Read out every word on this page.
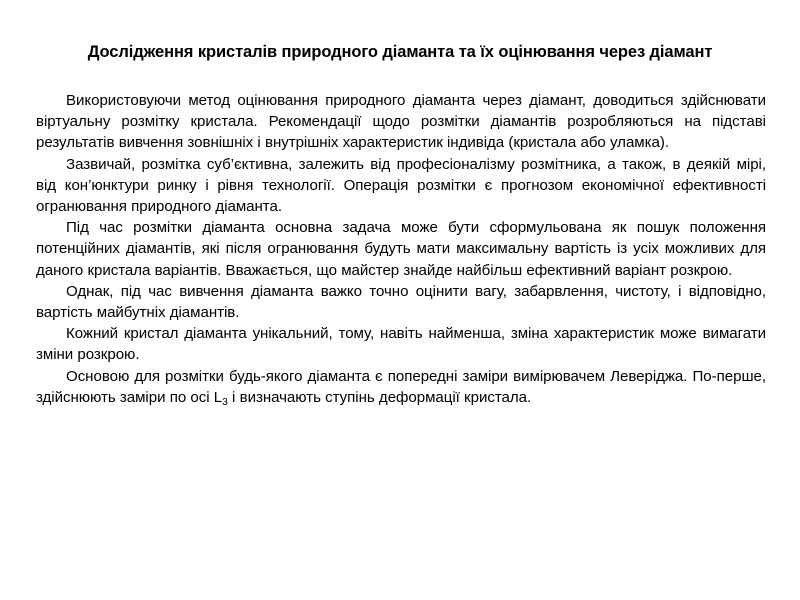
Дослідження кристалів природного діаманта та їх оцінювання через діамант

Використовуючи метод оцінювання природного діаманта через діамант, доводиться здійснювати віртуальну розмітку кристала. Рекомендації щодо розмітки діамантів розробляються на підставі результатів вивчення зовнішніх і внутрішніх характеристик індивіда (кристала або уламка).

Зазвичай, розмітка суб’єктивна, залежить від професіоналізму розмітника, а також, в деякій мірі, від кон’юнктури ринку і рівня технології. Операція розмітки є прогнозом економічної ефективності огранювання природного діаманта.

Під час розмітки діаманта основна задача може бути сформульована як пошук положення потенційних діамантів, які після огранювання будуть мати максимальну вартість із усіх можливих для даного кристала варіантів. Вважається, що майстер знайде найбільш ефективний варіант розкрою.

Однак, під час вивчення діаманта важко точно оцінити вагу, забарвлення, чистоту, і відповідно, вартість майбутніх діамантів.

Кожний кристал діаманта унікальний, тому, навіть найменша, зміна характеристик може вимагати зміни розкрою.

Основою для розмітки будь-якого діаманта є попередні заміри вимірювачем Леверіджа. По-перше, здійснюють заміри по осі $L_3$ і визначають ступінь деформації кристала.
